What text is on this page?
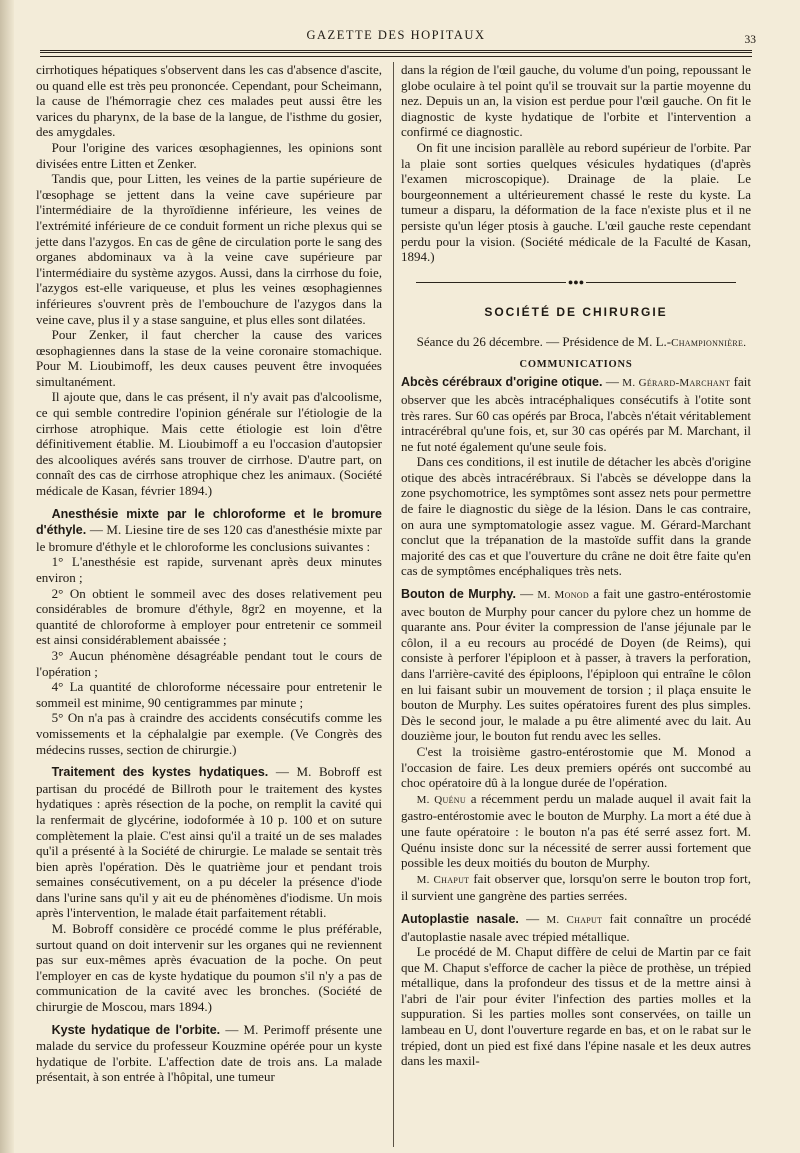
GAZETTE DES HOPITAUX	33

cirrhotiques hépatiques s'observent dans les cas d'absence d'ascite, ou quand elle est très peu prononcée. Cependant, pour Scheimann, la cause de l'hémorragie chez ces malades peut aussi être les varices du pharynx, de la base de la langue, de l'isthme du gosier, des amygdales.

Pour l'origine des varices œsophagiennes, les opinions sont divisées entre Litten et Zenker.

Tandis que, pour Litten, les veines de la partie supérieure de l'œsophage se jettent dans la veine cave supérieure par l'intermédiaire de la thyroïdienne inférieure, les veines de l'extrémité inférieure de ce conduit forment un riche plexus qui se jette dans l'azygos. En cas de gêne de circulation porte le sang des organes abdominaux va à la veine cave supérieure par l'intermédiaire du système azygos. Aussi, dans la cirrhose du foie, l'azygos est-elle variqueuse, et plus les veines œsophagiennes inférieures s'ouvrent près de l'embouchure de l'azygos dans la veine cave, plus il y a stase sanguine, et plus elles sont dilatées.

Pour Zenker, il faut chercher la cause des varices œsophagiennes dans la stase de la veine coronaire stomachique. Pour M. Lioubimoff, les deux causes peuvent être invoquées simultanément.

Il ajoute que, dans le cas présent, il n'y avait pas d'alcoolisme, ce qui semble contredire l'opinion générale sur l'étiologie de la cirrhose atrophique. Mais cette étiologie est loin d'être définitivement établie. M. Lioubimoff a eu l'occasion d'autopsier des alcooliques avérés sans trouver de cirrhose. D'autre part, on connaît des cas de cirrhose atrophique chez les animaux. (Société médicale de Kasan, février 1894.)

Anesthésie mixte par le chloroforme et le bromure d'éthyle. — M. Liesine tire de ses 120 cas d'anesthésie mixte par le bromure d'éthyle et le chloroforme les conclusions suivantes :

1° L'anesthésie est rapide, survenant après deux minutes environ ;

2° On obtient le sommeil avec des doses relativement peu considérables de bromure d'éthyle, 8gr2 en moyenne, et la quantité de chloroforme à employer pour entretenir ce sommeil est ainsi considérablement abaissée ;

3° Aucun phénomène désagréable pendant tout le cours de l'opération ;

4° La quantité de chloroforme nécessaire pour entretenir le sommeil est minime, 90 centigrammes par minute ;

5° On n'a pas à craindre des accidents consécutifs comme les vomissements et la céphalalgie par exemple. (Ve Congrès des médecins russes, section de chirurgie.)

Traitement des kystes hydatiques. — M. Bobroff est partisan du procédé de Billroth pour le traitement des kystes hydatiques : après résection de la poche, on remplit la cavité qui la renfermait de glycérine, iodoformée à 10 p. 100 et on suture complètement la plaie. C'est ainsi qu'il a traité un de ses malades qu'il a présenté à la Société de chirurgie. Le malade se sentait très bien après l'opération. Dès le quatrième jour et pendant trois semaines consécutivement, on a pu déceler la présence d'iode dans l'urine sans qu'il y ait eu de phénomènes d'iodisme. Un mois après l'intervention, le malade était parfaitement rétabli.

M. Bobroff considère ce procédé comme le plus préférable, surtout quand on doit intervenir sur les organes qui ne reviennent pas sur eux-mêmes après évacuation de la poche. On peut l'employer en cas de kyste hydatique du poumon s'il n'y a pas de communication de la cavité avec les bronches. (Société de chirurgie de Moscou, mars 1894.)

Kyste hydatique de l'orbite. — M. Perimoff présente une malade du service du professeur Kouzmine opérée pour un kyste hydatique de l'orbite. L'affection date de trois ans. La malade présentait, à son entrée à l'hôpital, une tumeur

dans la région de l'œil gauche, du volume d'un poing, repoussant le globe oculaire à tel point qu'il se trouvait sur la partie moyenne du nez. Depuis un an, la vision est perdue pour l'œil gauche. On fit le diagnostic de kyste hydatique de l'orbite et l'intervention a confirmé ce diagnostic.

On fit une incision parallèle au rebord supérieur de l'orbite. Par la plaie sont sorties quelques vésicules hydatiques (d'après l'examen microscopique). Drainage de la plaie. Le bourgeonnement a ultérieurement chassé le reste du kyste. La tumeur a disparu, la déformation de la face n'existe plus et il ne persiste qu'un léger ptosis à gauche. L'œil gauche reste cependant perdu pour la vision. (Société médicale de la Faculté de Kasan, 1894.)

●●●
SOCIÉTÉ DE CHIRURGIE

Séance du 26 décembre. — Présidence de M. L.-Championnière.

COMMUNICATIONS

Abcès cérébraux d'origine otique. — M. Gérard-Marchant fait observer que les abcès intracéphaliques consécutifs à l'otite sont très rares. Sur 60 cas opérés par Broca, l'abcès n'était véritablement intracérébral qu'une fois, et, sur 30 cas opérés par M. Marchant, il ne fut noté également qu'une seule fois.

Dans ces conditions, il est inutile de détacher les abcès d'origine otique des abcès intracérébraux. Si l'abcès se développe dans la zone psychomotrice, les symptômes sont assez nets pour permettre de faire le diagnostic du siège de la lésion. Dans le cas contraire, on aura une symptomatologie assez vague. M. Gérard-Marchant conclut que la trépanation de la mastoïde suffit dans la grande majorité des cas et que l'ouverture du crâne ne doit être faite qu'en cas de symptômes encéphaliques très nets.

Bouton de Murphy. — M. Monod a fait une gastro-entérostomie avec bouton de Murphy pour cancer du pylore chez un homme de quarante ans. Pour éviter la compression de l'anse jéjunale par le côlon, il a eu recours au procédé de Doyen (de Reims), qui consiste à perforer l'épiploon et à passer, à travers la perforation, dans l'arrière-cavité des épiploons, l'épiploon qui entraîne le côlon en lui faisant subir un mouvement de torsion ; il plaça ensuite le bouton de Murphy. Les suites opératoires furent des plus simples. Dès le second jour, le malade a pu être alimenté avec du lait. Au douzième jour, le bouton fut rendu avec les selles.

C'est la troisième gastro-entérostomie que M. Monod a l'occasion de faire. Les deux premiers opérés ont succombé au choc opératoire dû à la longue durée de l'opération.

M. Quénu a récemment perdu un malade auquel il avait fait la gastro-entérostomie avec le bouton de Murphy. La mort a été due à une faute opératoire : le bouton n'a pas été serré assez fort. M. Quénu insiste donc sur la nécessité de serrer aussi fortement que possible les deux moitiés du bouton de Murphy.

M. Chaput fait observer que, lorsqu'on serre le bouton trop fort, il survient une gangrène des parties serrées.

Autoplastie nasale. — M. Chaput fait connaître un procédé d'autoplastie nasale avec trépied métallique.

Le procédé de M. Chaput diffère de celui de Martin par ce fait que M. Chaput s'efforce de cacher la pièce de prothèse, un trépied métallique, dans la profondeur des tissus et de la mettre ainsi à l'abri de l'air pour éviter l'infection des parties molles et la suppuration. Si les parties molles sont conservées, on taille un lambeau en U, dont l'ouverture regarde en bas, et on le rabat sur le trépied, dont un pied est fixé dans l'épine nasale et les deux autres dans les maxil-
